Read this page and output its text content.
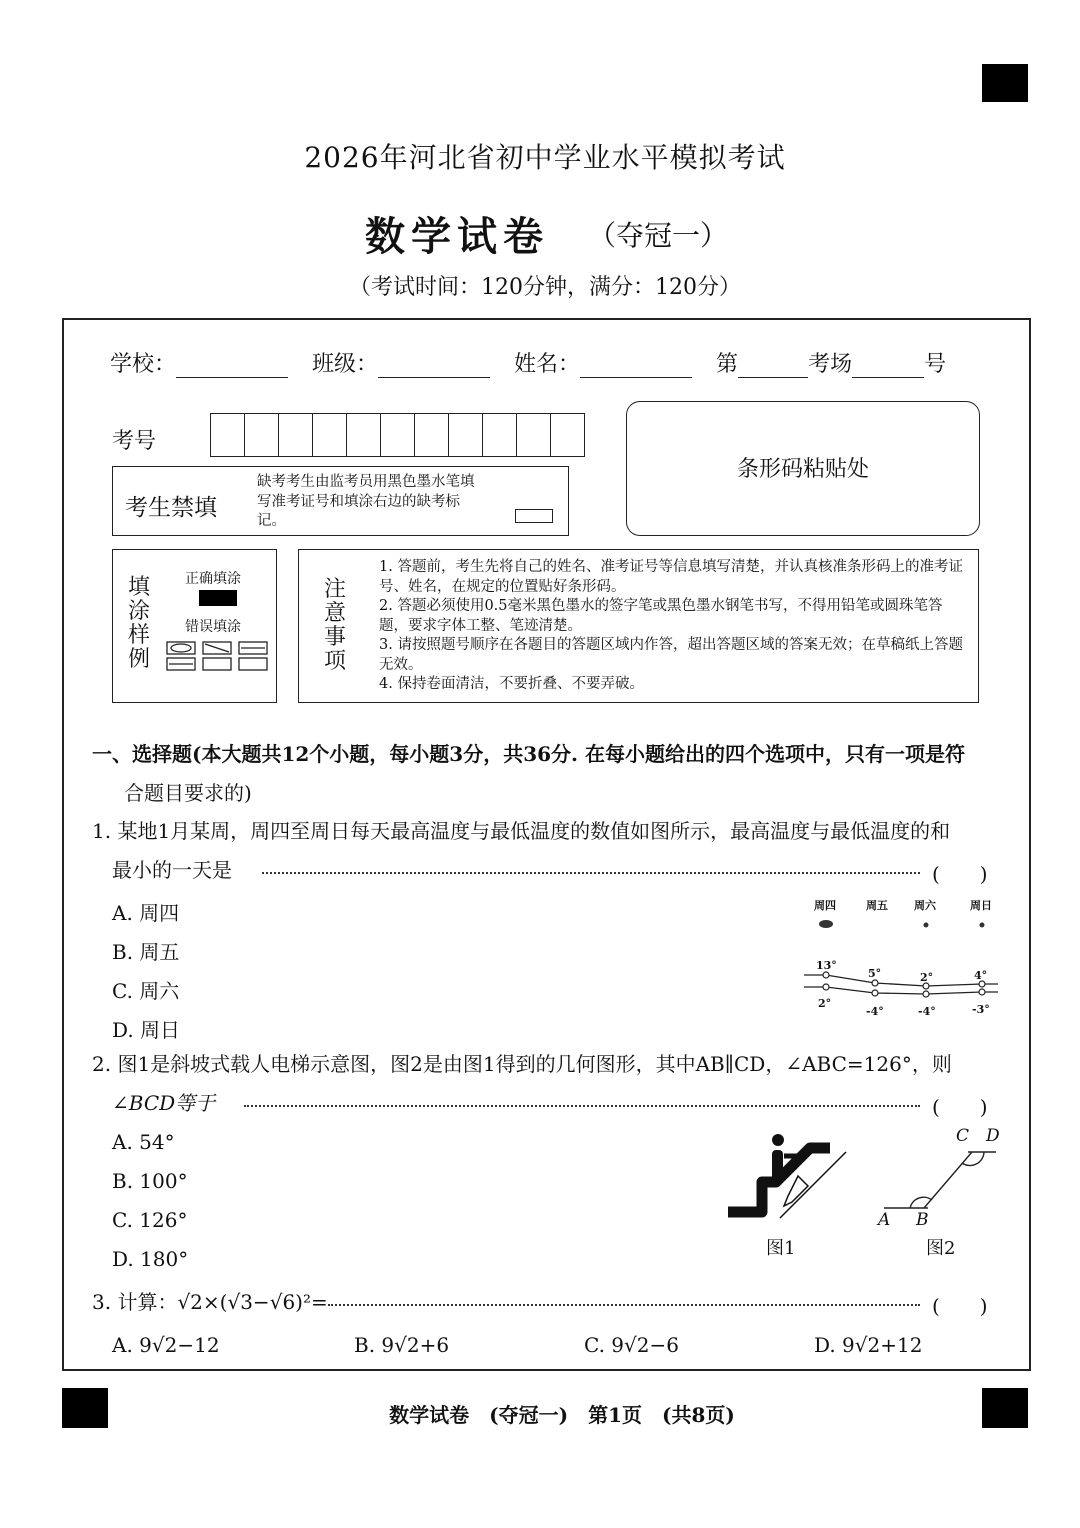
2026年河北省初中学业水平模拟考试
数学试卷 （夺冠一）
（考试时间：120分钟，满分：120分）
学校：	班级：	姓名：	第	考场	号
考号
条形码粘贴处
考生禁填
缺考考生由监考员用黑色墨水笔填写准考证号和填涂右边的缺考标记。
填
涂
样
例
正确填涂
错误填涂
注
意
事
项
1. 答题前，考生先将自己的姓名、准考证号等信息填写清楚，并认真核准条形码上的准考证号、姓名，在规定的位置贴好条形码。
2. 答题必须使用0.5毫米黑色墨水的签字笔或黑色墨水钢笔书写，不得用铅笔或圆珠笔答题，要求字体工整、笔迹清楚。
3. 请按照题号顺序在各题目的答题区域内作答，超出答题区域的答案无效；在草稿纸上答题无效。
4. 保持卷面清洁，不要折叠、不要弄破。
一、选择题(本大题共12个小题，每小题3分，共36分. 在每小题给出的四个选项中，只有一项是符
合题目要求的)
1. 某地1月某周，周四至周日每天最高温度与最低温度的数值如图所示，最高温度与最低温度的和
最小的一天是	(　　)
A. 周四
B. 周五
C. 周六
D. 周日
周四	周五 周六	周日
13°
5°	2°	4°
2°
-4°	-4°	-3°
2. 图1是斜坡式载人电梯示意图，图2是由图1得到的几何图形，其中AB∥CD，∠ABC=126°，则
∠BCD等于	(　　)
A. 54°
B. 100°
C. 126°
D. 180°	图1
A B
C D
图2
3. 计算：√2×(√3−√6)²=	(　　)
A. 9√2−12	B. 9√2+6	C. 9√2−6	D. 9√2+12
数学试卷　(夺冠一)　第1页　(共8页)
